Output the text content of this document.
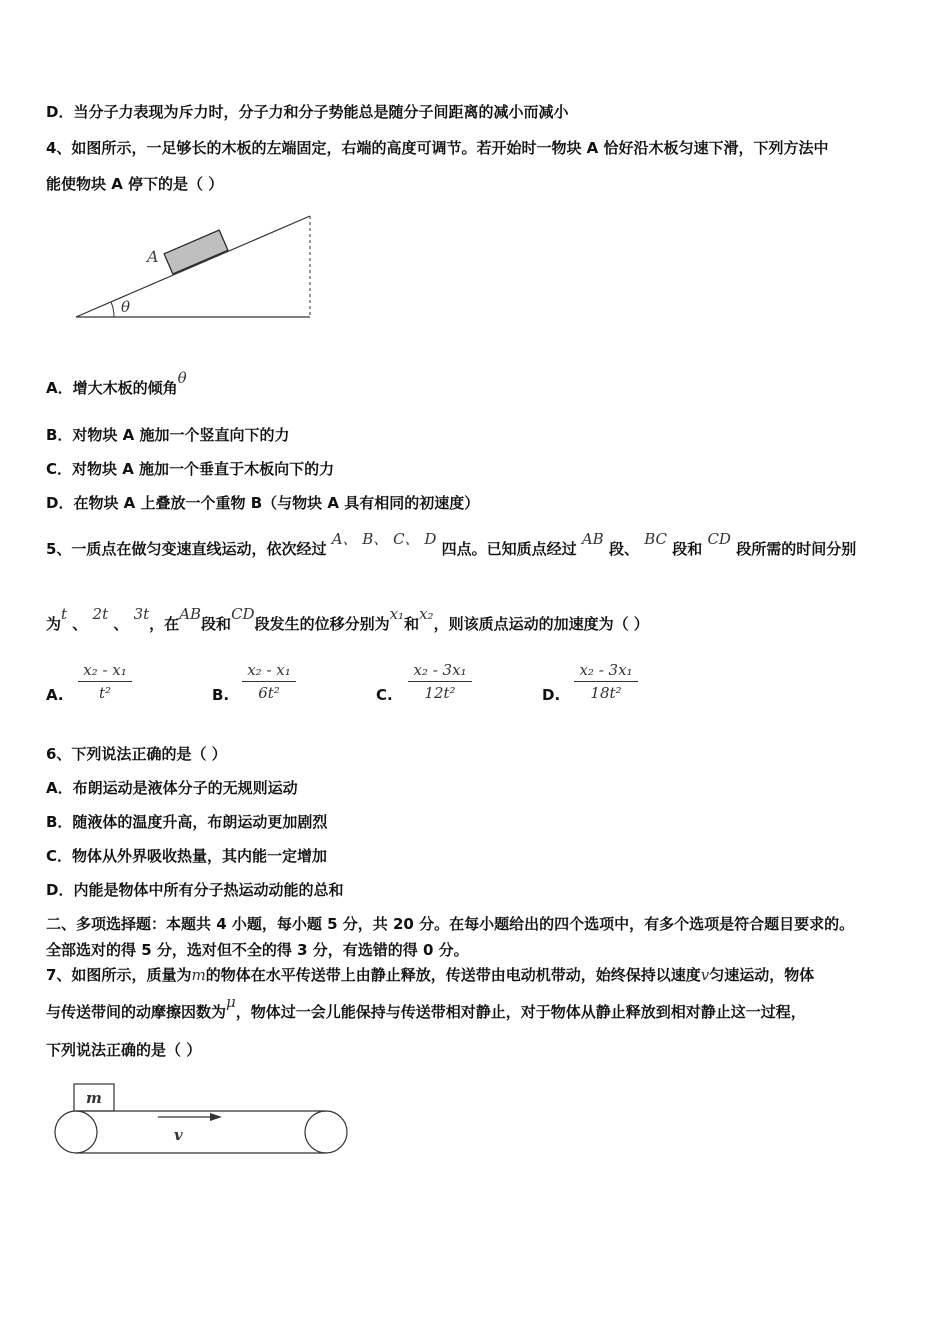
D．当分子力表现为斥力时，分子力和分子势能总是随分子间距离的减小而减小
4、如图所示，一足够长的木板的左端固定，右端的高度可调节。若开始时一物块 A 恰好沿木板匀速下滑，下列方法中
能使物块 A 停下的是（ ）
A
θ
A．增大木板的倾角θ
B．对物块 A 施加一个竖直向下的力
C．对物块 A 施加一个垂直于木板向下的力
D．在物块 A 上叠放一个重物 B（与物块 A 具有相同的初速度）
5、一质点在做匀变速直线运动，依次经过 A、 B、 C、 D 四点。已知质点经过 AB 段、 BC 段和 CD 段所需的时间分别
为t 、 2t 、 3t，在AB段和CD段发生的位移分别为x₁和x₂，则该质点运动的加速度为（ ）
A.
x₂ - x₁
t²	B.
x₂ - x₁
6t²	C.
x₂ - 3x₁
12t²	D.
x₂ - 3x₁
18t²
6、下列说法正确的是（ ）
A．布朗运动是液体分子的无规则运动
B．随液体的温度升高，布朗运动更加剧烈
C．物体从外界吸收热量，其内能一定增加
D．内能是物体中所有分子热运动动能的总和
二、多项选择题：本题共 4 小题，每小题 5 分，共 20 分。在每小题给出的四个选项中，有多个选项是符合题目要求的。
全部选对的得 5 分，选对但不全的得 3 分，有选错的得 0 分。
7、如图所示，质量为m的物体在水平传送带上由静止释放，传送带由电动机带动，始终保持以速度v匀速运动，物体
与传送带间的动摩擦因数为μ，物体过一会儿能保持与传送带相对静止，对于物体从静止释放到相对静止这一过程，
下列说法正确的是（ ）
m
v
